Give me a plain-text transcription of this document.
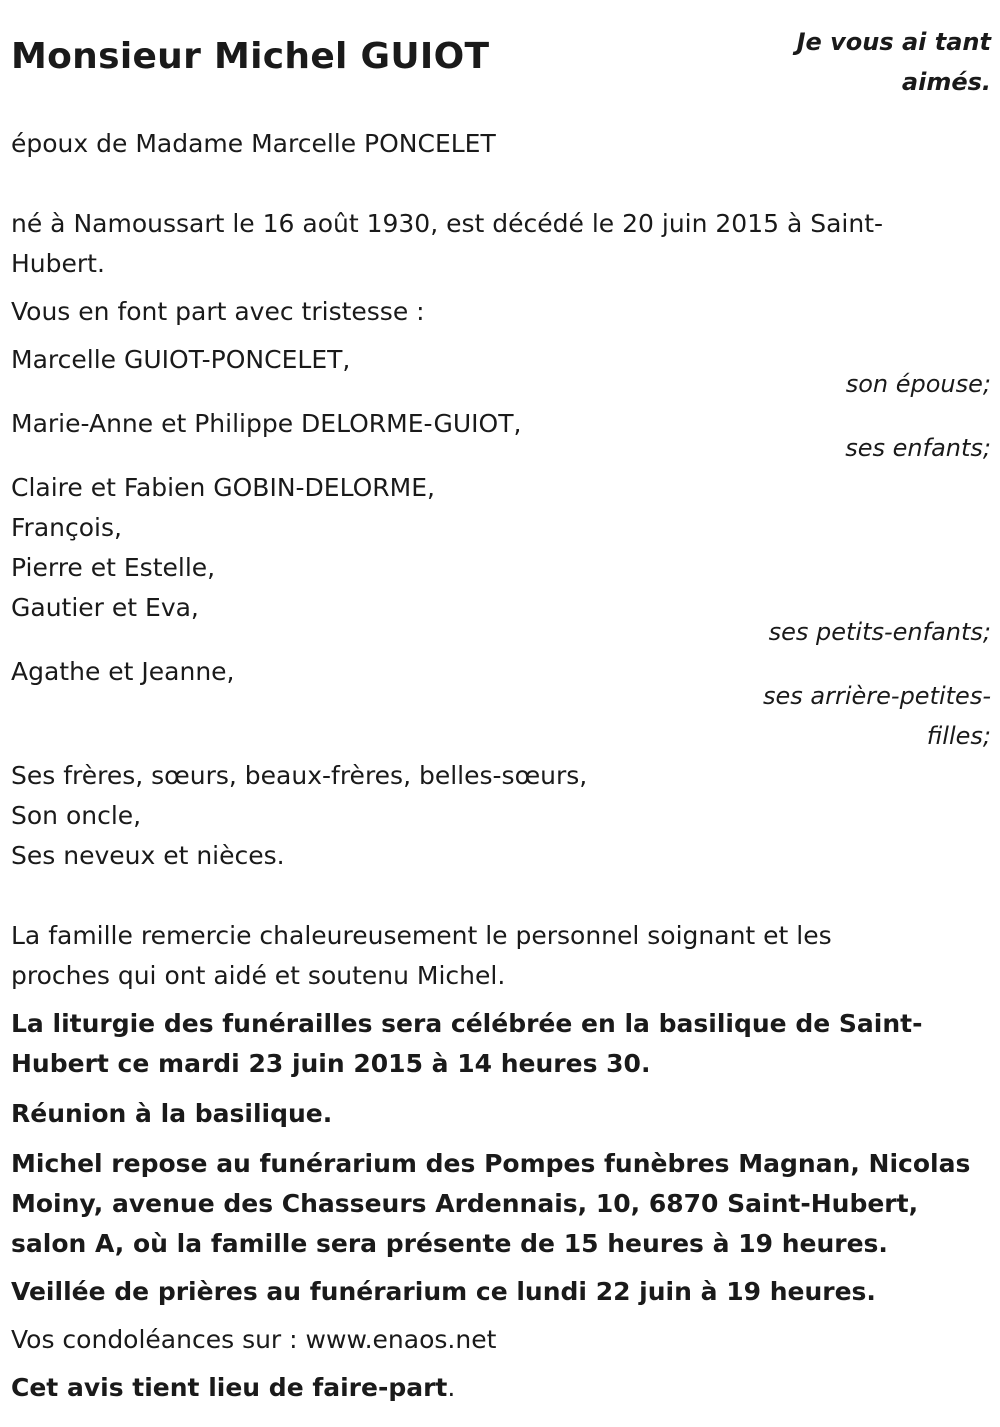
Monsieur Michel GUIOT	Je vous ai tant aimés.

époux de Madame Marcelle PONCELET

né à Namoussart le 16 août 1930, est décédé le 20 juin 2015 à Saint-Hubert.

Vous en font part avec tristesse :

Marcelle GUIOT-PONCELET,

son épouse;

Marie-Anne et Philippe DELORME-GUIOT,

ses enfants;

Claire et Fabien GOBIN-DELORME,

François,

Pierre et Estelle,

Gautier et Eva,

ses petits-enfants;

Agathe et Jeanne,

ses arrière-petites-filles;

Ses frères, sœurs, beaux-frères, belles-sœurs,

Son oncle,

Ses neveux et nièces.

La famille remercie chaleureusement le personnel soignant et les proches qui ont aidé et soutenu Michel.

La liturgie des funérailles sera célébrée en la basilique de Saint-Hubert ce mardi 23 juin 2015 à 14 heures 30.

Réunion à la basilique.

Michel repose au funérarium des Pompes funèbres Magnan, Nicolas Moiny, avenue des Chasseurs Ardennais, 10, 6870 Saint-Hubert, salon A, où la famille sera présente de 15 heures à 19 heures.

Veillée de prières au funérarium ce lundi 22 juin à 19 heures.

Vos condoléances sur : www.enaos.net

Cet avis tient lieu de faire-part.
